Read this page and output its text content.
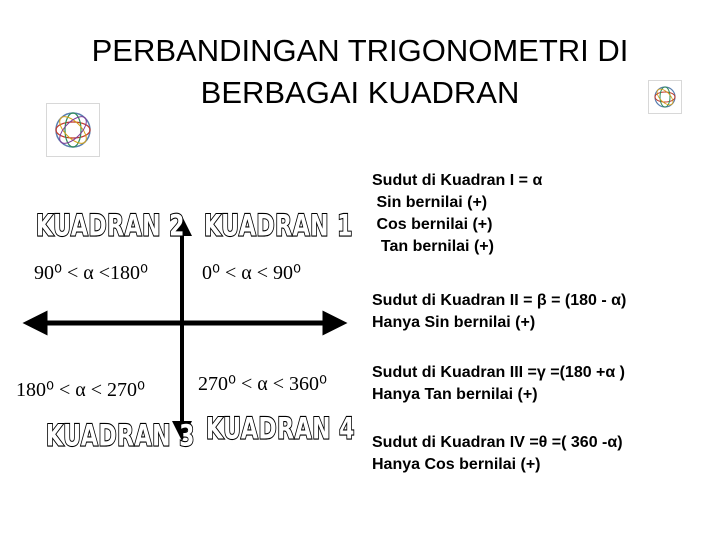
PERBANDINGAN TRIGONOMETRI DI
BERBAGAI KUADRAN
KUADRAN 2 KUADRAN 1
KUADRAN 3 KUADRAN 4
90⁰ < α <180⁰	0⁰ < α < 90⁰
180⁰ < α < 270⁰	270⁰ < α < 360⁰
Sudut di Kuadran I = α
Sin bernilai (+)
Cos bernilai (+)
Tan bernilai (+)
Sudut di Kuadran II = β = (180 - α)
Hanya Sin bernilai (+)
Sudut di Kuadran III =γ =(180 +α )
Hanya Tan bernilai (+)
Sudut di Kuadran IV =θ =( 360 -α)
Hanya Cos bernilai (+)
